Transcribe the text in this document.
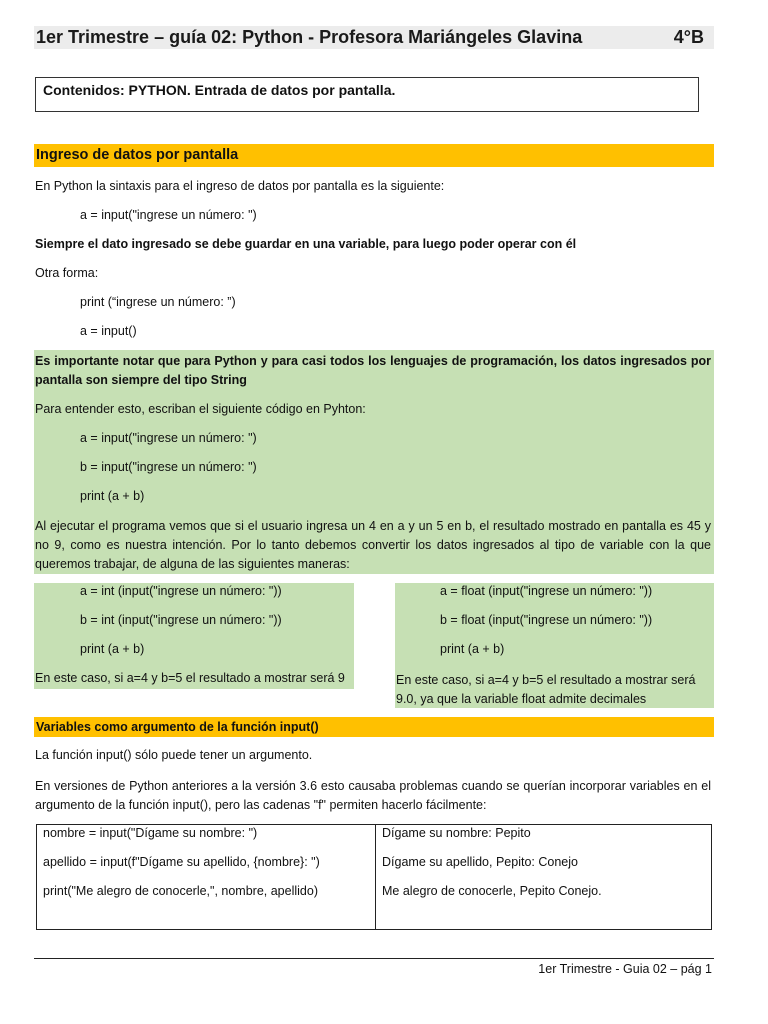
1er Trimestre – guía 02: Python - Profesora Mariángeles Glavina	4°B
Contenidos: PYTHON. Entrada de datos por pantalla.
Ingreso de datos por pantalla
En Python la sintaxis para el ingreso de datos por pantalla es la siguiente:
a = input("ingrese un número: ")
Siempre el dato ingresado se debe guardar en una variable, para luego poder operar con él
Otra forma:
print (“ingrese un número: ”)
a = input()
Es importante notar que para Python y para casi todos los lenguajes de programación, los datos ingresados por pantalla son siempre del tipo String
Para entender esto, escriban el siguiente código en Pyhton:
a = input("ingrese un número: ")
b = input("ingrese un número: ")
print (a + b)
Al ejecutar el programa vemos que si el usuario ingresa un 4 en a y un 5 en b, el resultado mostrado en pantalla es 45 y no 9, como es nuestra intención. Por lo tanto debemos convertir los datos ingresados al tipo de variable con la que queremos trabajar, de alguna de las siguientes maneras:
a = int (input("ingrese un número: "))
b = int (input("ingrese un número: "))
print (a + b)
En este caso, si a=4 y b=5 el resultado a mostrar será 9
a = float (input("ingrese un número: "))
b = float (input("ingrese un número: "))
print (a + b)
En este caso, si a=4 y b=5 el resultado a mostrar será 9.0, ya que la variable float admite decimales
Variables como argumento de la función input()
La función input() sólo puede tener un argumento.
En versiones de Python anteriores a la versión 3.6 esto causaba problemas cuando se querían incorporar variables en el argumento de la función input(), pero las cadenas "f" permiten hacerlo fácilmente:
nombre = input("Dígame su nombre: ")
apellido = input(f"Dígame su apellido, {nombre}: ")
print("Me alegro de conocerle,", nombre, apellido)

Dígame su nombre: Pepito
Dígame su apellido, Pepito: Conejo
Me alegro de conocerle, Pepito Conejo.
1er Trimestre - Guia 02 – pág 1
